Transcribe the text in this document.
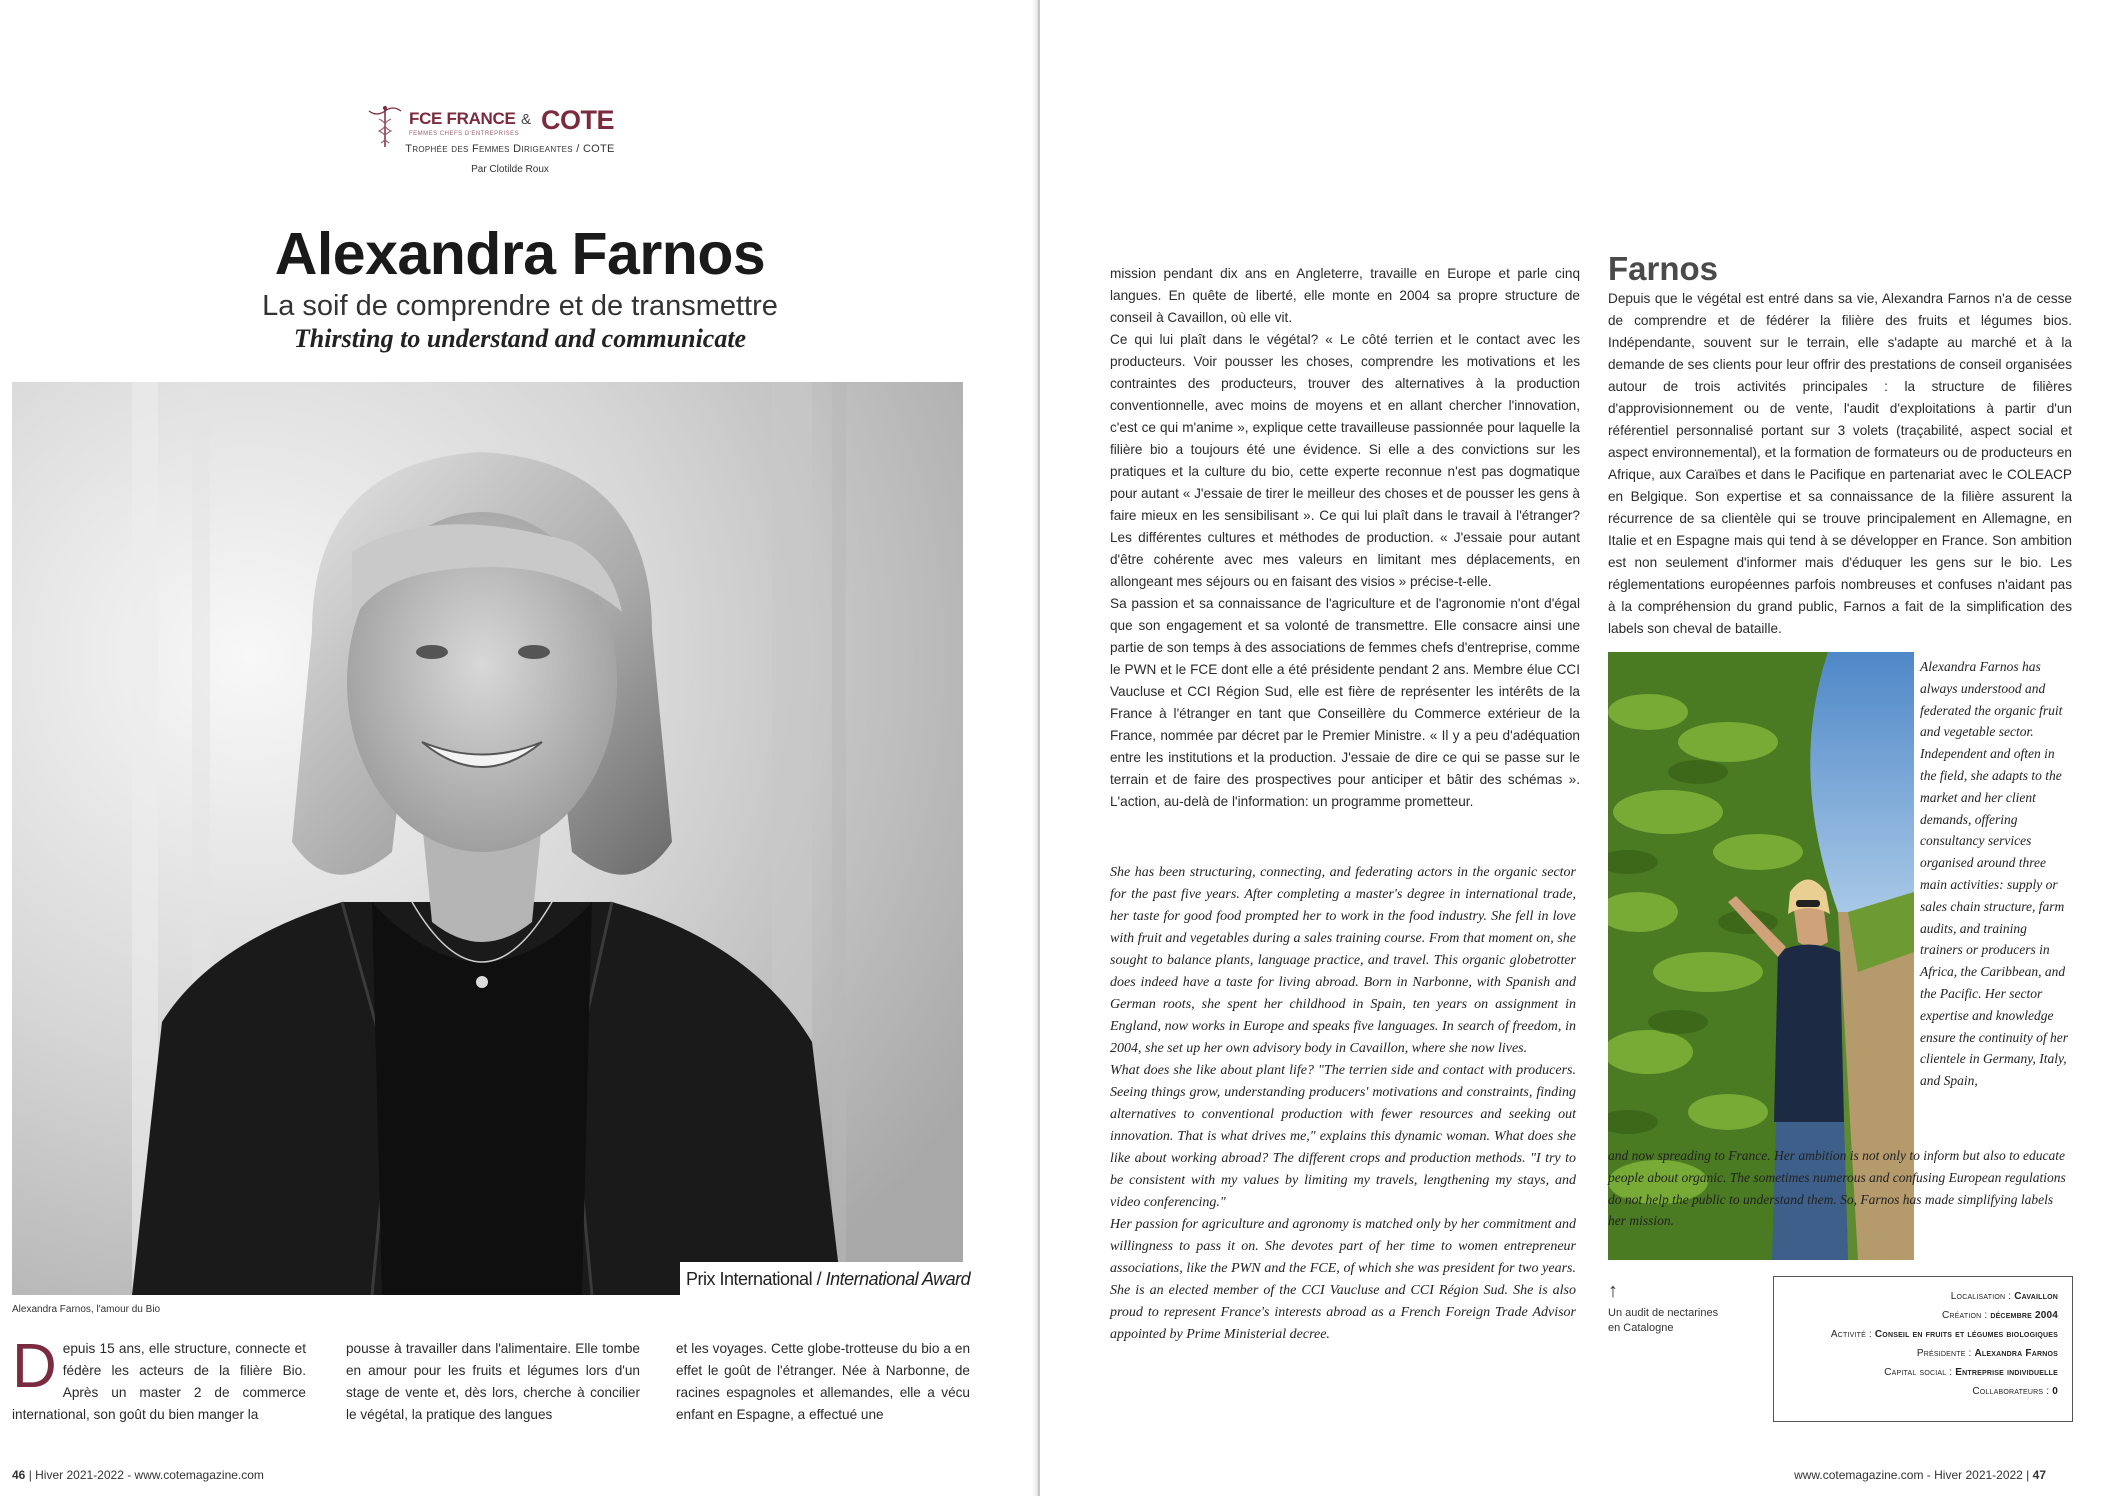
FCE FRANCE
FEMMES CHEFS D'ENTREPRISES
& COTE
Trophée des Femmes Dirigeantes / COTE
Par Clotilde Roux
Alexandra Farnos
La soif de comprendre et de transmettre
Thirsting to understand and communicate
Prix International / International Award
Alexandra Farnos, l'amour du Bio
Depuis 15 ans, elle structure, connecte et fédère les acteurs de la filière Bio. Après un master 2 de commerce international, son goût du bien manger la
pousse à travailler dans l'alimentaire. Elle tombe en amour pour les fruits et légumes lors d'un stage de vente et, dès lors, cherche à concilier le végétal, la pratique des langues
et les voyages. Cette globe-trotteuse du bio a en effet le goût de l'étranger. Née à Narbonne, de racines espagnoles et allemandes, elle a vécu enfant en Espagne, a effectué une
46 | Hiver 2021-2022 - www.cotemagazine.com

mission pendant dix ans en Angleterre, travaille en Europe et parle cinq langues. En quête de liberté, elle monte en 2004 sa propre structure de conseil à Cavaillon, où elle vit.

Ce qui lui plaît dans le végétal? « Le côté terrien et le contact avec les producteurs. Voir pousser les choses, comprendre les motivations et les contraintes des producteurs, trouver des alternatives à la production conventionnelle, avec moins de moyens et en allant chercher l'innovation, c'est ce qui m'anime », explique cette travailleuse passionnée pour laquelle la filière bio a toujours été une évidence. Si elle a des convictions sur les pratiques et la culture du bio, cette experte reconnue n'est pas dogmatique pour autant « J'essaie de tirer le meilleur des choses et de pousser les gens à faire mieux en les sensibilisant ». Ce qui lui plaît dans le travail à l'étranger? Les différentes cultures et méthodes de production. « J'essaie pour autant d'être cohérente avec mes valeurs en limitant mes déplacements, en allongeant mes séjours ou en faisant des visios » précise-t-elle.

Sa passion et sa connaissance de l'agriculture et de l'agronomie n'ont d'égal que son engagement et sa volonté de transmettre. Elle consacre ainsi une partie de son temps à des associations de femmes chefs d'entreprise, comme le PWN et le FCE dont elle a été présidente pendant 2 ans. Membre élue CCI Vaucluse et CCI Région Sud, elle est fière de représenter les intérêts de la France à l'étranger en tant que Conseillère du Commerce extérieur de la France, nommée par décret par le Premier Ministre. « Il y a peu d'adéquation entre les institutions et la production. J'essaie de dire ce qui se passe sur le terrain et de faire des prospectives pour anticiper et bâtir des schémas ». L'action, au-delà de l'information: un programme prometteur.

She has been structuring, connecting, and federating actors in the organic sector for the past five years. After completing a master's degree in international trade, her taste for good food prompted her to work in the food industry. She fell in love with fruit and vegetables during a sales training course. From that moment on, she sought to balance plants, language practice, and travel. This organic globetrotter does indeed have a taste for living abroad. Born in Narbonne, with Spanish and German roots, she spent her childhood in Spain, ten years on assignment in England, now works in Europe and speaks five languages. In search of freedom, in 2004, she set up her own advisory body in Cavaillon, where she now lives.

What does she like about plant life? "The terrien side and contact with producers. Seeing things grow, understanding producers' motivations and constraints, finding alternatives to conventional production with fewer resources and seeking out innovation. That is what drives me," explains this dynamic woman. What does she like about working abroad? The different crops and production methods. "I try to be consistent with my values by limiting my travels, lengthening my stays, and video conferencing."

Her passion for agriculture and agronomy is matched only by her commitment and willingness to pass it on. She devotes part of her time to women entrepreneur associations, like the PWN and the FCE, of which she was president for two years. She is an elected member of the CCI Vaucluse and CCI Région Sud. She is also proud to represent France's interests abroad as a French Foreign Trade Advisor appointed by Prime Ministerial decree.

Farnos
Depuis que le végétal est entré dans sa vie, Alexandra Farnos n'a de cesse de comprendre et de fédérer la filière des fruits et légumes bios. Indépendante, souvent sur le terrain, elle s'adapte au marché et à la demande de ses clients pour leur offrir des prestations de conseil organisées autour de trois activités principales : la structure de filières d'approvisionnement ou de vente, l'audit d'exploitations à partir d'un référentiel personnalisé portant sur 3 volets (traçabilité, aspect social et aspect environnemental), et la formation de formateurs ou de producteurs en Afrique, aux Caraïbes et dans le Pacifique en partenariat avec le COLEACP en Belgique. Son expertise et sa connaissance de la filière assurent la récurrence de sa clientèle qui se trouve principalement en Allemagne, en Italie et en Espagne mais qui tend à se développer en France. Son ambition est non seulement d'informer mais d'éduquer les gens sur le bio. Les réglementations européennes parfois nombreuses et confuses n'aidant pas à la compréhension du grand public, Farnos a fait de la simplification des labels son cheval de bataille.
Alexandra Farnos has always understood and federated the organic fruit and vegetable sector. Independent and often in the field, she adapts to the market and her client demands, offering consultancy services organised around three main activities: supply or sales chain structure, farm audits, and training trainers or producers in Africa, the Caribbean, and the Pacific. Her sector expertise and knowledge ensure the continuity of her clientele in Germany, Italy, and Spain,
and now spreading to France. Her ambition is not only to inform but also to educate people about organic. The sometimes numerous and confusing European regulations do not help the public to understand them. So, Farnos has made simplifying labels her mission.
↑
Un audit de nectarines en Catalogne
Localisation : Cavaillon
Création : décembre 2004
Activité : Conseil en fruits et légumes biologiques
Présidente : Alexandra Farnos
Capital social : Entreprise individuelle
Collaborateurs : 0
www.cotemagazine.com - Hiver 2021-2022 | 47
